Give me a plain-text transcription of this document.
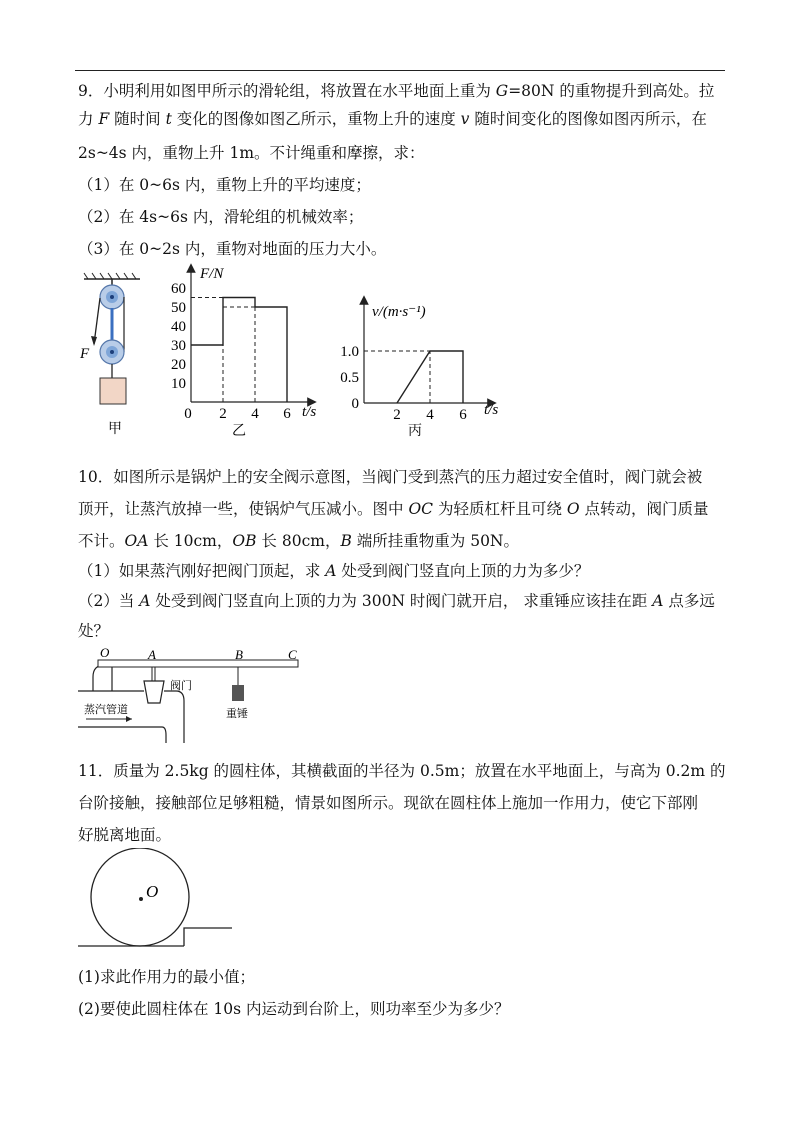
9．小明利用如图甲所示的滑轮组，将放置在水平地面上重为 G=80N 的重物提升到高处。拉

力 F 随时间 t 变化的图像如图乙所示，重物上升的速度 v 随时间变化的图像如图丙所示，在

2s~4s 内，重物上升 1m。不计绳重和摩擦，求：

（1）在 0~6s 内，重物上升的平均速度；

（2）在 4s~6s 内，滑轮组的机械效率；

（3）在 0~2s 内，重物对地面的压力大小。

F
甲
60
50
40
30
20
10
0 2 4 6
F/N
t/s
乙
1.0
0.5
0
2 4 6
v/(m·s⁻¹)
t/s
丙

10．如图所示是锅炉上的安全阀示意图，当阀门受到蒸汽的压力超过安全值时，阀门就会被

顶开，让蒸汽放掉一些，使锅炉气压减小。图中 OC 为轻质杠杆且可绕 O 点转动，阀门质量

不计。OA 长 10cm，OB 长 80cm，B 端所挂重物重为 50N。

（1）如果蒸汽刚好把阀门顶起，求 A 处受到阀门竖直向上顶的力为多少？

（2）当 A 处受到阀门竖直向上顶的力为 300N 时阀门就开启， 求重锤应该挂在距 A 点多远

处？

O	A	B	C
阀门
重锤
蒸汽管道

11．质量为 2.5kg 的圆柱体，其横截面的半径为 0.5m；放置在水平地面上，与高为 0.2m 的

台阶接触，接触部位足够粗糙，情景如图所示。现欲在圆柱体上施加一作用力，使它下部刚

好脱离地面。

O

(1)求此作用力的最小值；

(2)要使此圆柱体在 10s 内运动到台阶上，则功率至少为多少？
